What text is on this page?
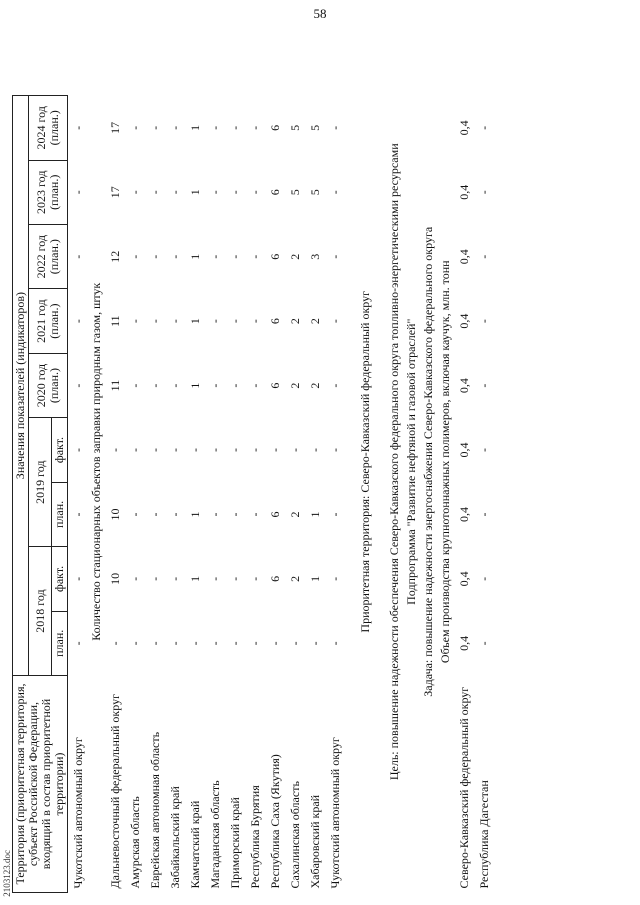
58
2103123.doc Территория (приоритетная территория, субъект Российской Федерации, входящий в состав приоритетной территории)	Значения показателей (индикаторов)									
	2018 год		2019 год		2020 год (план.)	2021 год (план.)	2022 год (план.)	2023 год (план.)	2024 год (план.)	
	план.	факт.	план.	факт.						
Чукотский автономный округ	-	-	-	-	-	-	-	-	-	
Количество стационарных объектов заправки природным газом, штук										
Дальневосточный федеральный округ	-	10	10	-	11	11	12	17	17	
Амурская область	-	-	-	-	-	-	-	-	-	
Еврейская автономная область	-	-	-	-	-	-	-	-	-	
Забайкальский край	-	-	-	-	-	-	-	-	-	
Камчатский край	-	1	1	-	1	1	1	1	1	
Магаданская область	-	-	-	-	-	-	-	-	-	
Приморский край	-	-	-	-	-	-	-	-	-	
Республика Бурятия	-	-	-	-	-	-	-	-	-	
Республика Саха (Якутия)	-	6	6	-	6	6	6	6	6	
Сахалинская область	-	2	2	-	2	2	2	5	5	
Хабаровский край	-	1	1	-	2	2	3	5	5	
Чукотский автономный округ	-	-	-	-	-	-	-	-	-	

Приоритетная территория: Северо-Кавказский федеральный округ										

Цель: повышение надежности обеспечения Северо-Кавказского федерального округа топливно-энергетическими ресурсами										
Подпрограмма "Развитие нефтяной и газовой отраслей"										
Задача: повышение надежности энергоснабжения Северо-Кавказского федерального округа										
Объем производства крупнотоннажных полимеров, включая каучук, млн. тонн										
Северо-Кавказский федеральный округ	0,4	0,4	0,4	0,4	0,4	0,4	0,4	0,4	0,4	
Республика Дагестан	-	-	-	-	-	-	-	-	-	
